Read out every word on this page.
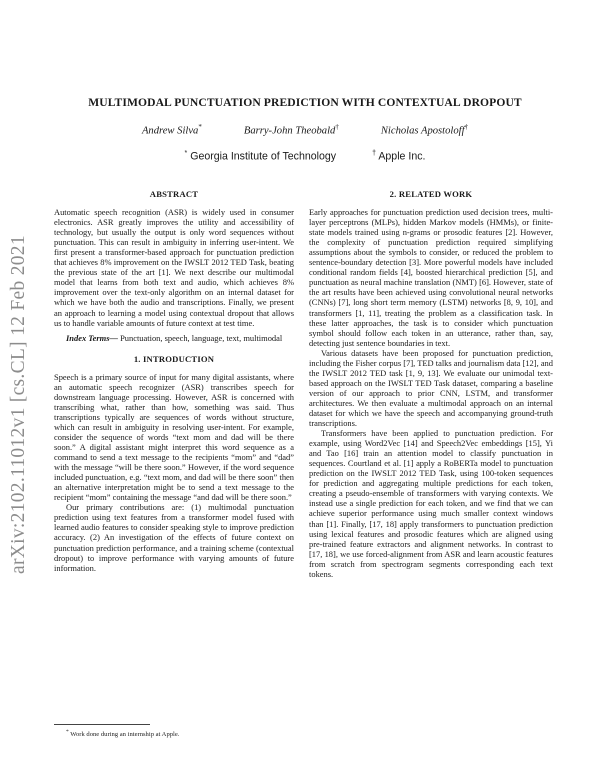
arXiv:2102.11012v1 [cs.CL] 12 Feb 2021
MULTIMODAL PUNCTUATION PREDICTION WITH CONTEXTUAL DROPOUT
Andrew Silva*	Barry-John Theobald†	Nicholas Apostoloff†
* Georgia Institute of Technology	† Apple Inc.
ABSTRACT

Automatic speech recognition (ASR) is widely used in consumer electronics. ASR greatly improves the utility and accessibility of technology, but usually the output is only word sequences without punctuation. This can result in ambiguity in inferring user-intent. We first present a transformer-based approach for punctuation prediction that achieves 8% improvement on the IWSLT 2012 TED Task, beating the previous state of the art [1]. We next describe our multimodal model that learns from both text and audio, which achieves 8% improvement over the text-only algorithm on an internal dataset for which we have both the audio and transcriptions. Finally, we present an approach to learning a model using contextual dropout that allows us to handle variable amounts of future context at test time.

Index Terms— Punctuation, speech, language, text, multimodal

1. INTRODUCTION

Speech is a primary source of input for many digital assistants, where an automatic speech recognizer (ASR) transcribes speech for downstream language processing. However, ASR is concerned with transcribing what, rather than how, something was said. Thus transcriptions typically are sequences of words without structure, which can result in ambiguity in resolving user-intent. For example, consider the sequence of words “text mom and dad will be there soon.” A digital assistant might interpret this word sequence as a command to send a text message to the recipients “mom” and “dad” with the message “will be there soon.” However, if the word sequence included punctuation, e.g. “text mom, and dad will be there soon” then an alternative interpretation might be to send a text message to the recipient “mom” containing the message “and dad will be there soon.”

Our primary contributions are: (1) multimodal punctuation prediction using text features from a transformer model fused with learned audio features to consider speaking style to improve prediction accuracy. (2) An investigation of the effects of future context on punctuation prediction performance, and a training scheme (contextual dropout) to improve performance with varying amounts of future information.

2. RELATED WORK

Early approaches for punctuation prediction used decision trees, multi-layer perceptrons (MLPs), hidden Markov models (HMMs), or finite-state models trained using n-grams or prosodic features [2]. However, the complexity of punctuation prediction required simplifying assumptions about the symbols to consider, or reduced the problem to sentence-boundary detection [3]. More powerful models have included conditional random fields [4], boosted hierarchical prediction [5], and punctuation as neural machine translation (NMT) [6]. However, state of the art results have been achieved using convolutional neural networks (CNNs) [7], long short term memory (LSTM) networks [8, 9, 10], and transformers [1, 11], treating the problem as a classification task. In these latter approaches, the task is to consider which punctuation symbol should follow each token in an utterance, rather than, say, detecting just sentence boundaries in text.

Various datasets have been proposed for punctuation prediction, including the Fisher corpus [7], TED talks and journalism data [12], and the IWSLT 2012 TED task [1, 9, 13]. We evaluate our unimodal text-based approach on the IWSLT TED Task dataset, comparing a baseline version of our approach to prior CNN, LSTM, and transformer architectures. We then evaluate a multimodal approach on an internal dataset for which we have the speech and accompanying ground-truth transcriptions.

Transformers have been applied to punctuation prediction. For example, using Word2Vec [14] and Speech2Vec embeddings [15], Yi and Tao [16] train an attention model to classify punctuation in sequences. Courtland et al. [1] apply a RoBERTa model to punctuation prediction on the IWSLT 2012 TED Task, using 100-token sequences for prediction and aggregating multiple predictions for each token, creating a pseudo-ensemble of transformers with varying contexts. We instead use a single prediction for each token, and we find that we can achieve superior performance using much smaller context windows than [1]. Finally, [17, 18] apply transformers to punctuation prediction using lexical features and prosodic features which are aligned using pre-trained feature extractors and alignment networks. In contrast to [17, 18], we use forced-alignment from ASR and learn acoustic features from scratch from spectrogram segments corresponding each text tokens.

* Work done during an internship at Apple.
